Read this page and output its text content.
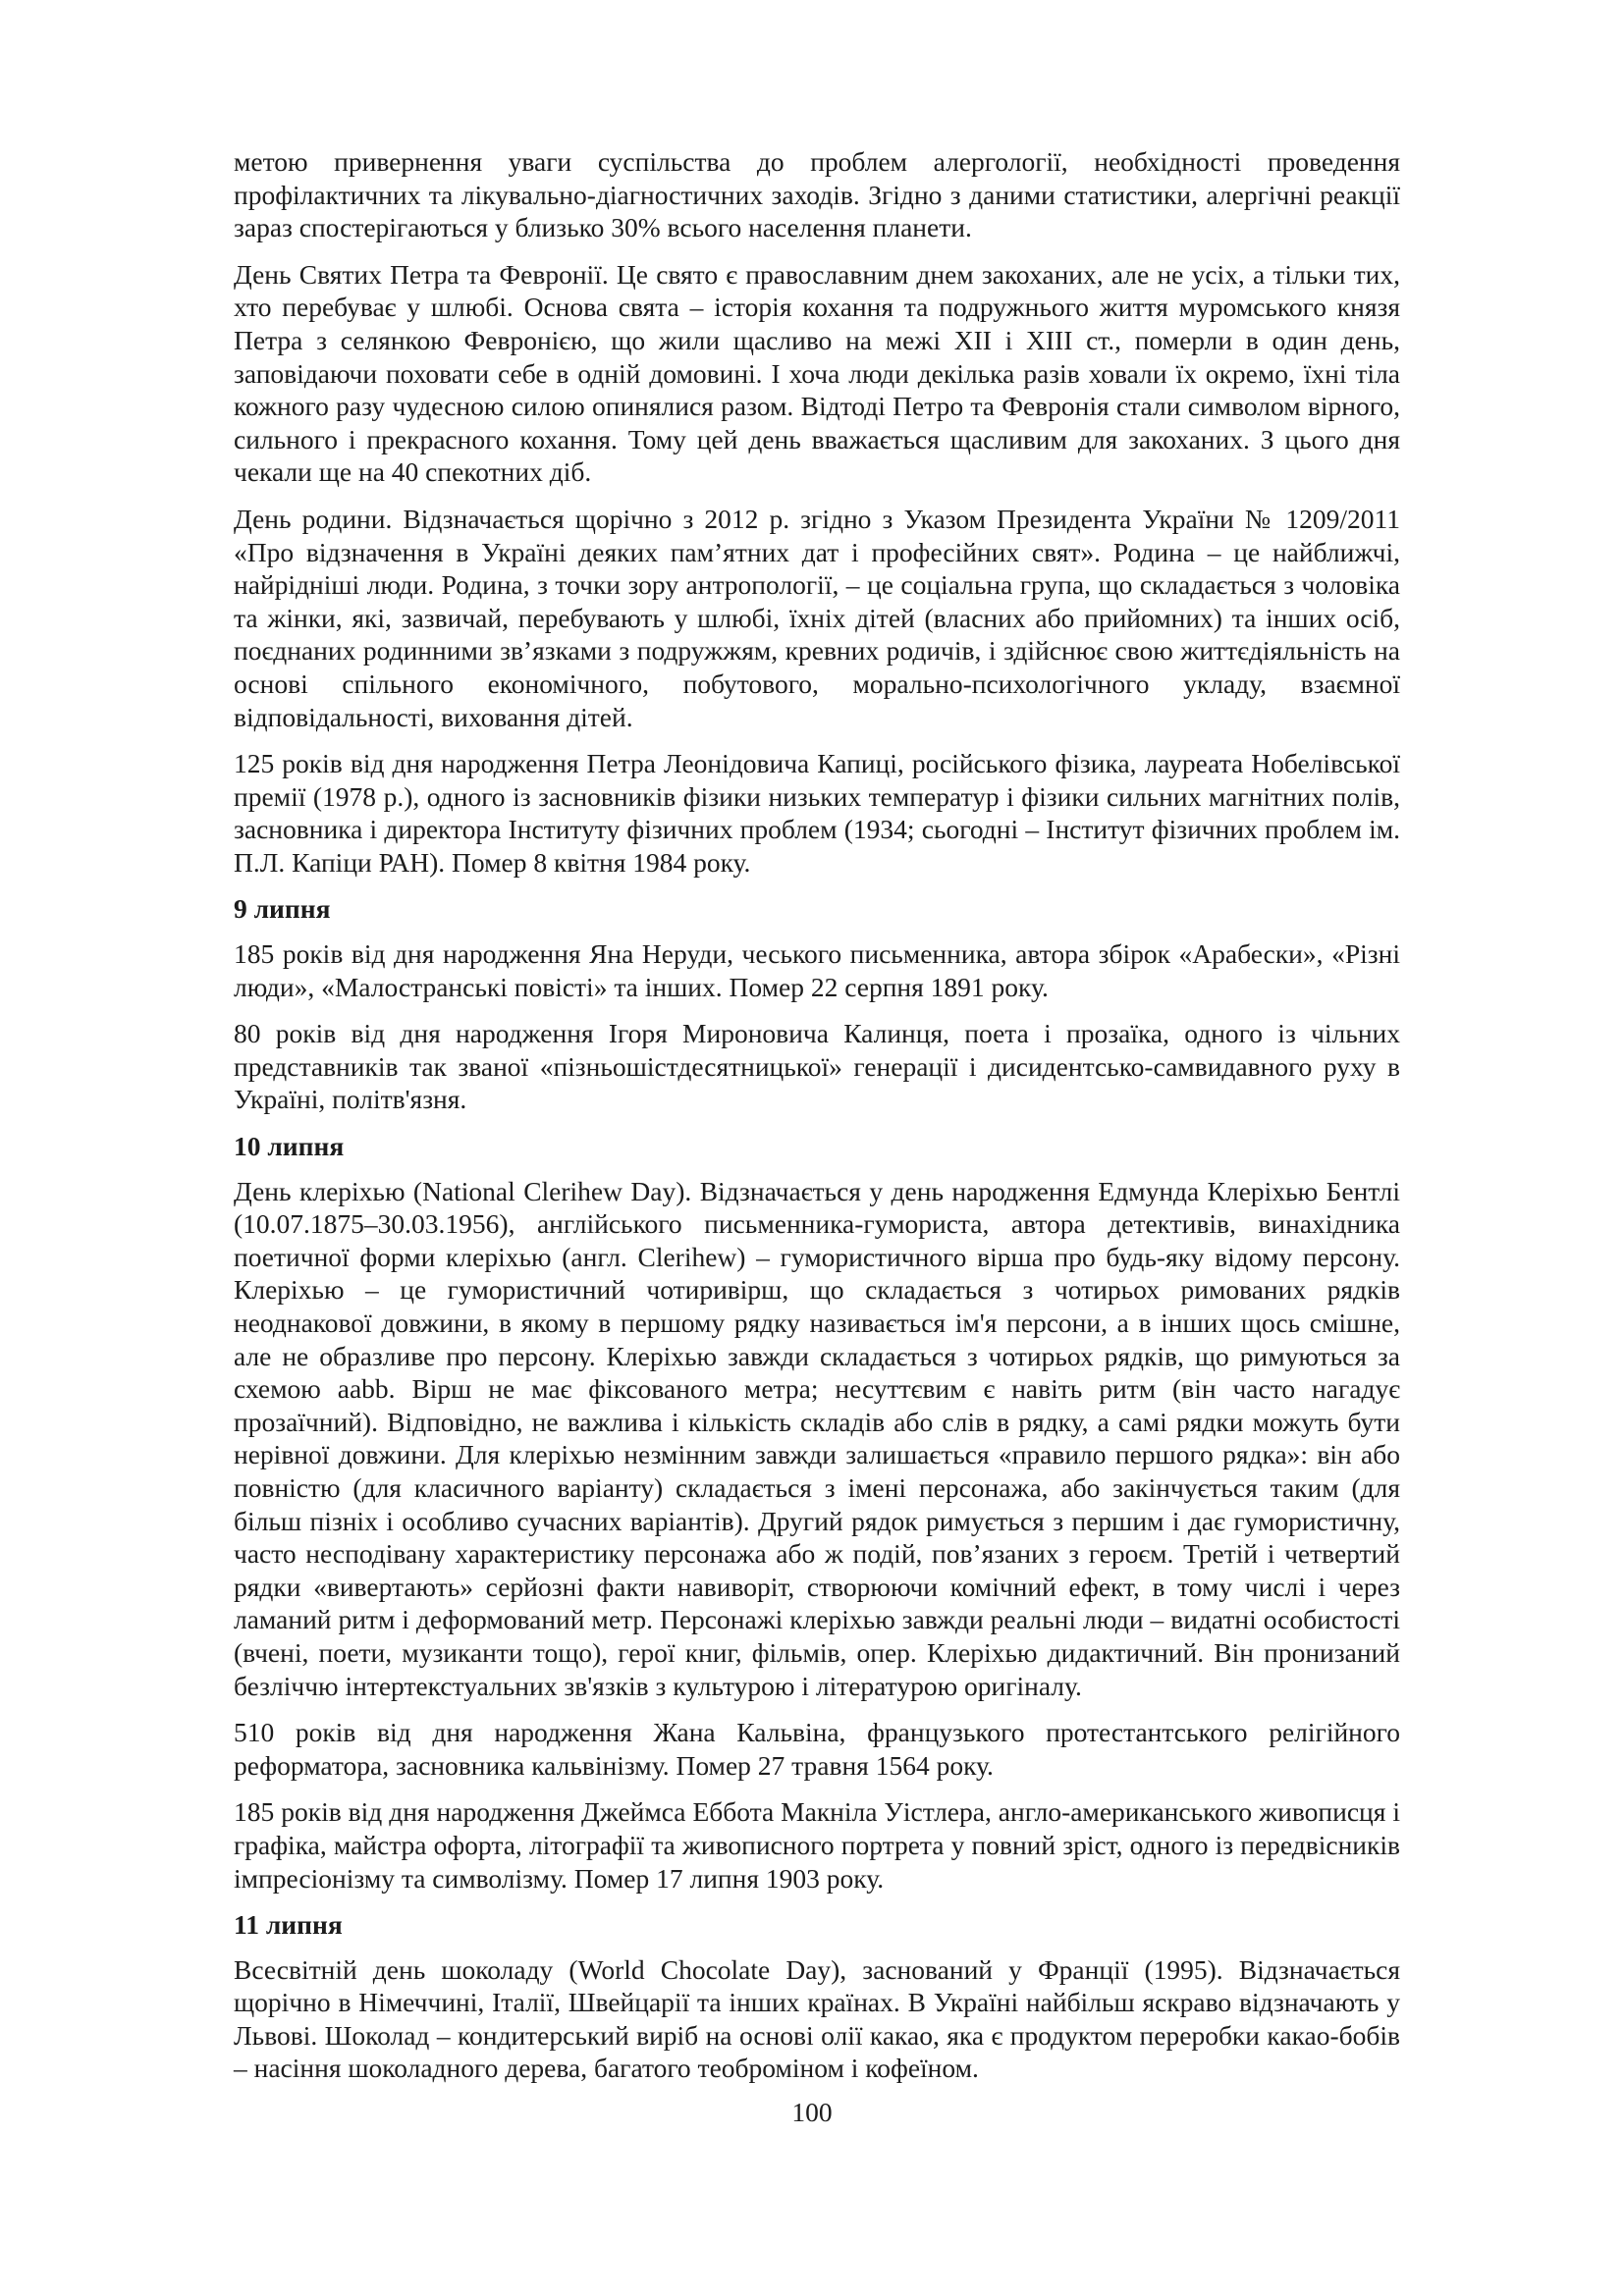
метою привернення уваги суспільства до проблем алергології, необхідності проведення профілактичних та лікувально-діагностичних заходів. Згідно з даними статистики, алергічні реакції зараз спостерігаються у близько 30% всього населення планети.

День Святих Петра та Февронії. Це свято є православним днем закоханих, але не усіх, а тільки тих, хто перебуває у шлюбі. Основа свята – історія кохання та подружнього життя муромського князя Петра з селянкою Февронією, що жили щасливо на межі XII і XIII ст., померли в один день, заповідаючи поховати себе в одній домовині. І хоча люди декілька разів ховали їх окремо, їхні тіла кожного разу чудесною силою опинялися разом. Відтоді Петро та Февронія стали символом вірного, сильного і прекрасного кохання. Тому цей день вважається щасливим для закоханих. З цього дня чекали ще на 40 спекотних діб.

День родини. Відзначається щорічно з 2012 р. згідно з Указом Президента України № 1209/2011 «Про відзначення в Україні деяких пам’ятних дат і професійних свят». Родина – це найближчі, найрідніші люди. Родина, з точки зору антропології, – це соціальна група, що складається з чоловіка та жінки, які, зазвичай, перебувають у шлюбі, їхніх дітей (власних або прийомних) та інших осіб, поєднаних родинними зв’язками з подружжям, кревних родичів, і здійснює свою життєдіяльність на основі спільного економічного, побутового, морально-психологічного укладу, взаємної відповідальності, виховання дітей.

125 років від дня народження Петра Леонідовича Капиці, російського фізика, лауреата Нобелівської премії (1978 р.), одного із засновників фізики низьких температур і фізики сильних магнітних полів, засновника і директора Інституту фізичних проблем (1934; сьогодні – Інститут фізичних проблем ім. П.Л. Капіци РАН). Помер 8 квітня 1984 року.

9 липня

185 років від дня народження Яна Неруди, чеського письменника, автора збірок «Арабески», «Різні люди», «Малостранські повісті» та інших. Помер 22 серпня 1891 року.

80 років від дня народження Ігоря Мироновича Калинця, поета і прозаїка, одного із чільних представників так званої «пізньошістдесятницької» генерації і дисидентсько-самвидавного руху в Україні, політв'язня.

10 липня

День клеріхью (National Clerihew Day). Відзначається у день народження Едмунда Клеріхью Бентлі (10.07.1875–30.03.1956), англійського письменника-гумориста, автора детективів, винахідника поетичної форми клеріхью (англ. Clerihew) – гумористичного вірша про будь-яку відому персону. Клеріхью – це гумористичний чотиривірш, що складається з чотирьох римованих рядків неоднакової довжини, в якому в першому рядку називається ім'я персони, а в інших щось смішне, але не образливе про персону. Клеріхью завжди складається з чотирьох рядків, що римуються за схемою aabb. Вірш не має фіксованого метра; несуттєвим є навіть ритм (він часто нагадує прозаїчний). Відповідно, не важлива і кількість складів або слів в рядку, а самі рядки можуть бути нерівної довжини. Для клеріхью незмінним завжди залишається «правило першого рядка»: він або повністю (для класичного варіанту) складається з імені персонажа, або закінчується таким (для більш пізніх і особливо сучасних варіантів). Другий рядок римується з першим і дає гумористичну, часто несподівану характеристику персонажа або ж подій, пов’язаних з героєм. Третій і четвертий рядки «вивертають» серйозні факти навиворіт, створюючи комічний ефект, в тому числі і через ламаний ритм і деформований метр. Персонажі клеріхью завжди реальні люди – видатні особистості (вчені, поети, музиканти тощо), герої книг, фільмів, опер. Клеріхью дидактичний. Він пронизаний безліччю інтертекстуальних зв'язків з культурою і літературою оригіналу.

510 років від дня народження Жана Кальвіна, французького протестантського релігійного реформатора, засновника кальвінізму. Помер 27 травня 1564 року.

185 років від дня народження Джеймса Еббота Макніла Уістлера, англо-американського живописця і графіка, майстра офорта, літографії та живописного портрета у повний зріст, одного із передвісників імпресіонізму та символізму. Помер 17 липня 1903 року.

11 липня

Всесвітній день шоколаду (World Chocolate Day), заснований у Франції (1995). Відзначається щорічно в Німеччині, Італії, Швейцарії та інших країнах. В Україні найбільш яскраво відзначають у Львові. Шоколад – кондитерський виріб на основі олії какао, яка є продуктом переробки какао-бобів – насіння шоколадного дерева, багатого теоброміном і кофеїном.

100
